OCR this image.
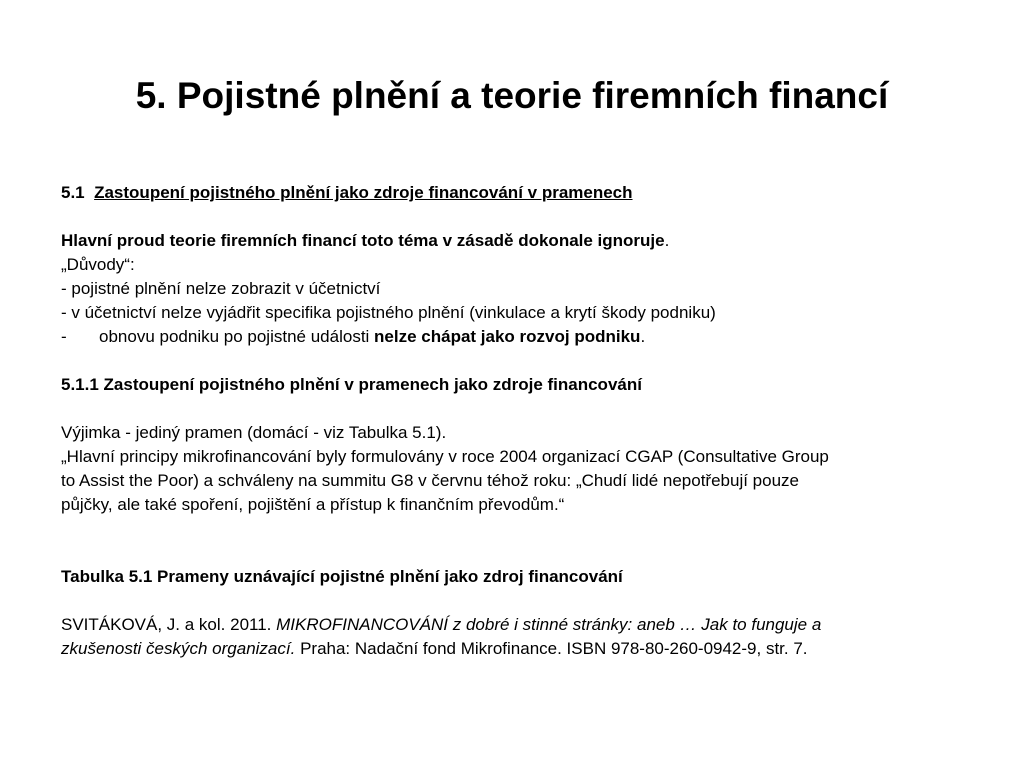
5. Pojistné plnění a teorie firemních financí
5.1 Zastoupení pojistného plnění jako zdroje financování v pramenech
Hlavní proud teorie firemních financí toto téma v zásadě dokonale ignoruje.
„Důvody“:
- pojistné plnění nelze zobrazit v účetnictví
- v účetnictví nelze vyjádřit specifika pojistného plnění (vinkulace a krytí škody podniku)
- obnovu podniku po pojistné události nelze chápat jako rozvoj podniku.
5.1.1 Zastoupení pojistného plnění v pramenech jako zdroje financování
Výjimka - jediný pramen (domácí - viz Tabulka 5.1).
„Hlavní principy mikrofinancování byly formulovány v roce 2004 organizací CGAP (Consultative Group
to Assist the Poor) a schváleny na summitu G8 v červnu téhož roku: „Chudí lidé nepotřebují pouze
půjčky, ale také spoření, pojištění a přístup k finančním převodům.“
Tabulka 5.1 Prameny uznávající pojistné plnění jako zdroj financování
SVITÁKOVÁ, J. a kol. 2011. MIKROFINANCOVÁNÍ z dobré i stinné stránky: aneb … Jak to funguje a
zkušenosti českých organizací. Praha: Nadační fond Mikrofinance. ISBN 978-80-260-0942-9, str. 7.
